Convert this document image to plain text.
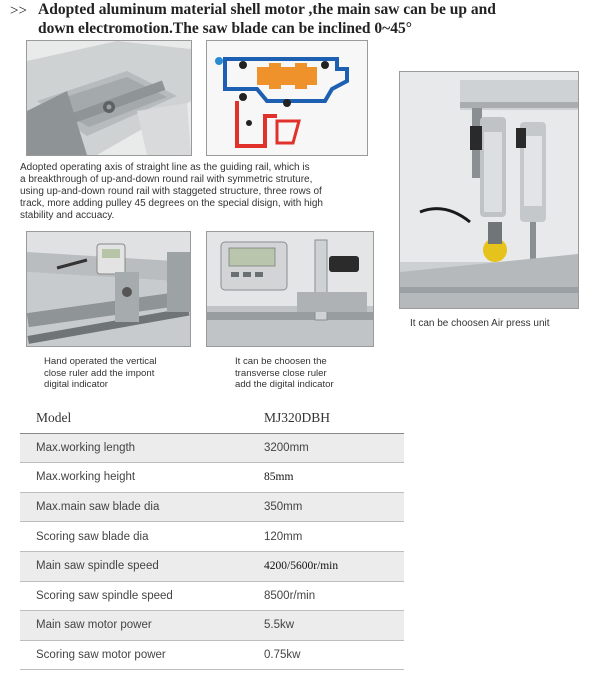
>> Adopted aluminum material shell motor ,the main saw can be up and
down electromotion.The saw blade can be inclined 0~45°
Adopted operating axis of straight line as the guiding rail, which is
a breakthrough of up-and-down round rail with symmetric struture,
using up-and-down round rail with staggeted structure, three rows of
track, more adding pulley 45 degrees on the special disign, with high
stability and accuacy.
It can be choosen Air press unit
Hand operated the vertical
close ruler add the impont
digital indicator
It can be choosen the
transverse close ruler
add the digital indicator
Model	MJ320DBH
Max.working length	3200mm
Max.working height	85mm
Max.main saw blade dia	350mm
Scoring saw blade dia	120mm
Main saw spindle speed	4200/5600r/min
Scoring saw spindle speed	8500r/min
Main saw motor power	5.5kw
Scoring saw motor power	0.75kw
